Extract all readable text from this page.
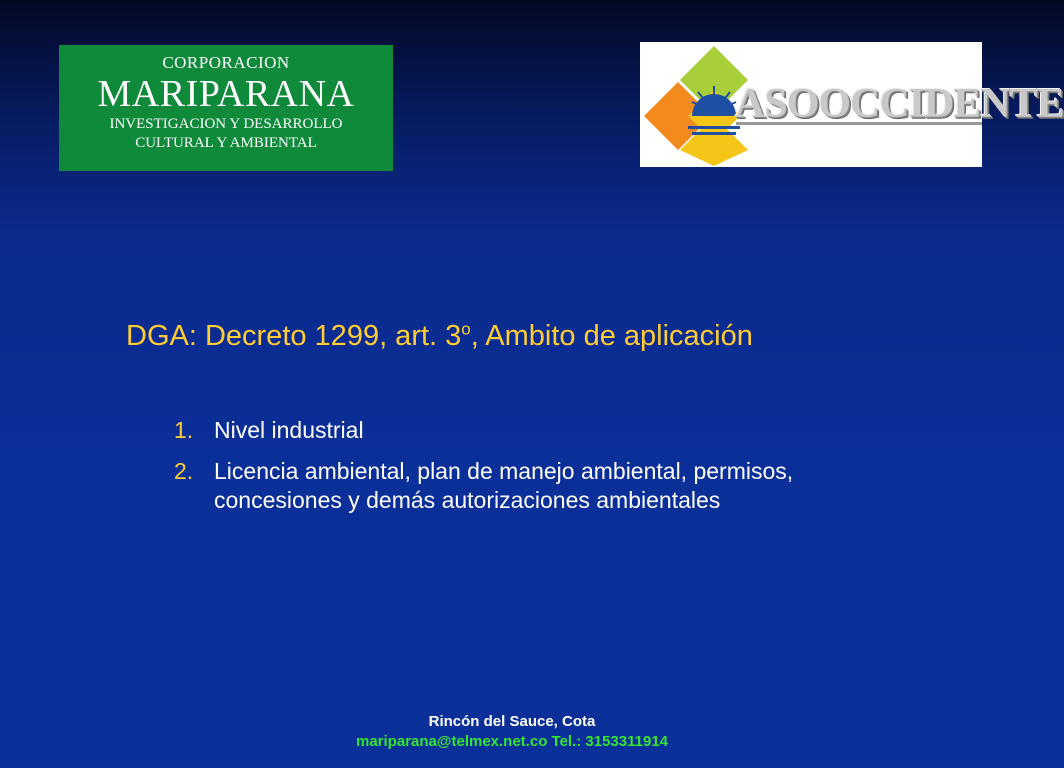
CORPORACION
MARIPARANA
INVESTIGACION Y DESARROLLO
CULTURAL Y AMBIENTAL
ASOOCCIDENTE
DGA: Decreto 1299, art. 3$^o$, Ambito de aplicación
1. Nivel industrial
2. Licencia ambiental, plan de manejo ambiental, permisos, concesiones y demás autorizaciones ambientales
Rincón del Sauce, Cota
mariparana@telmex.net.co Tel.: 3153311914
